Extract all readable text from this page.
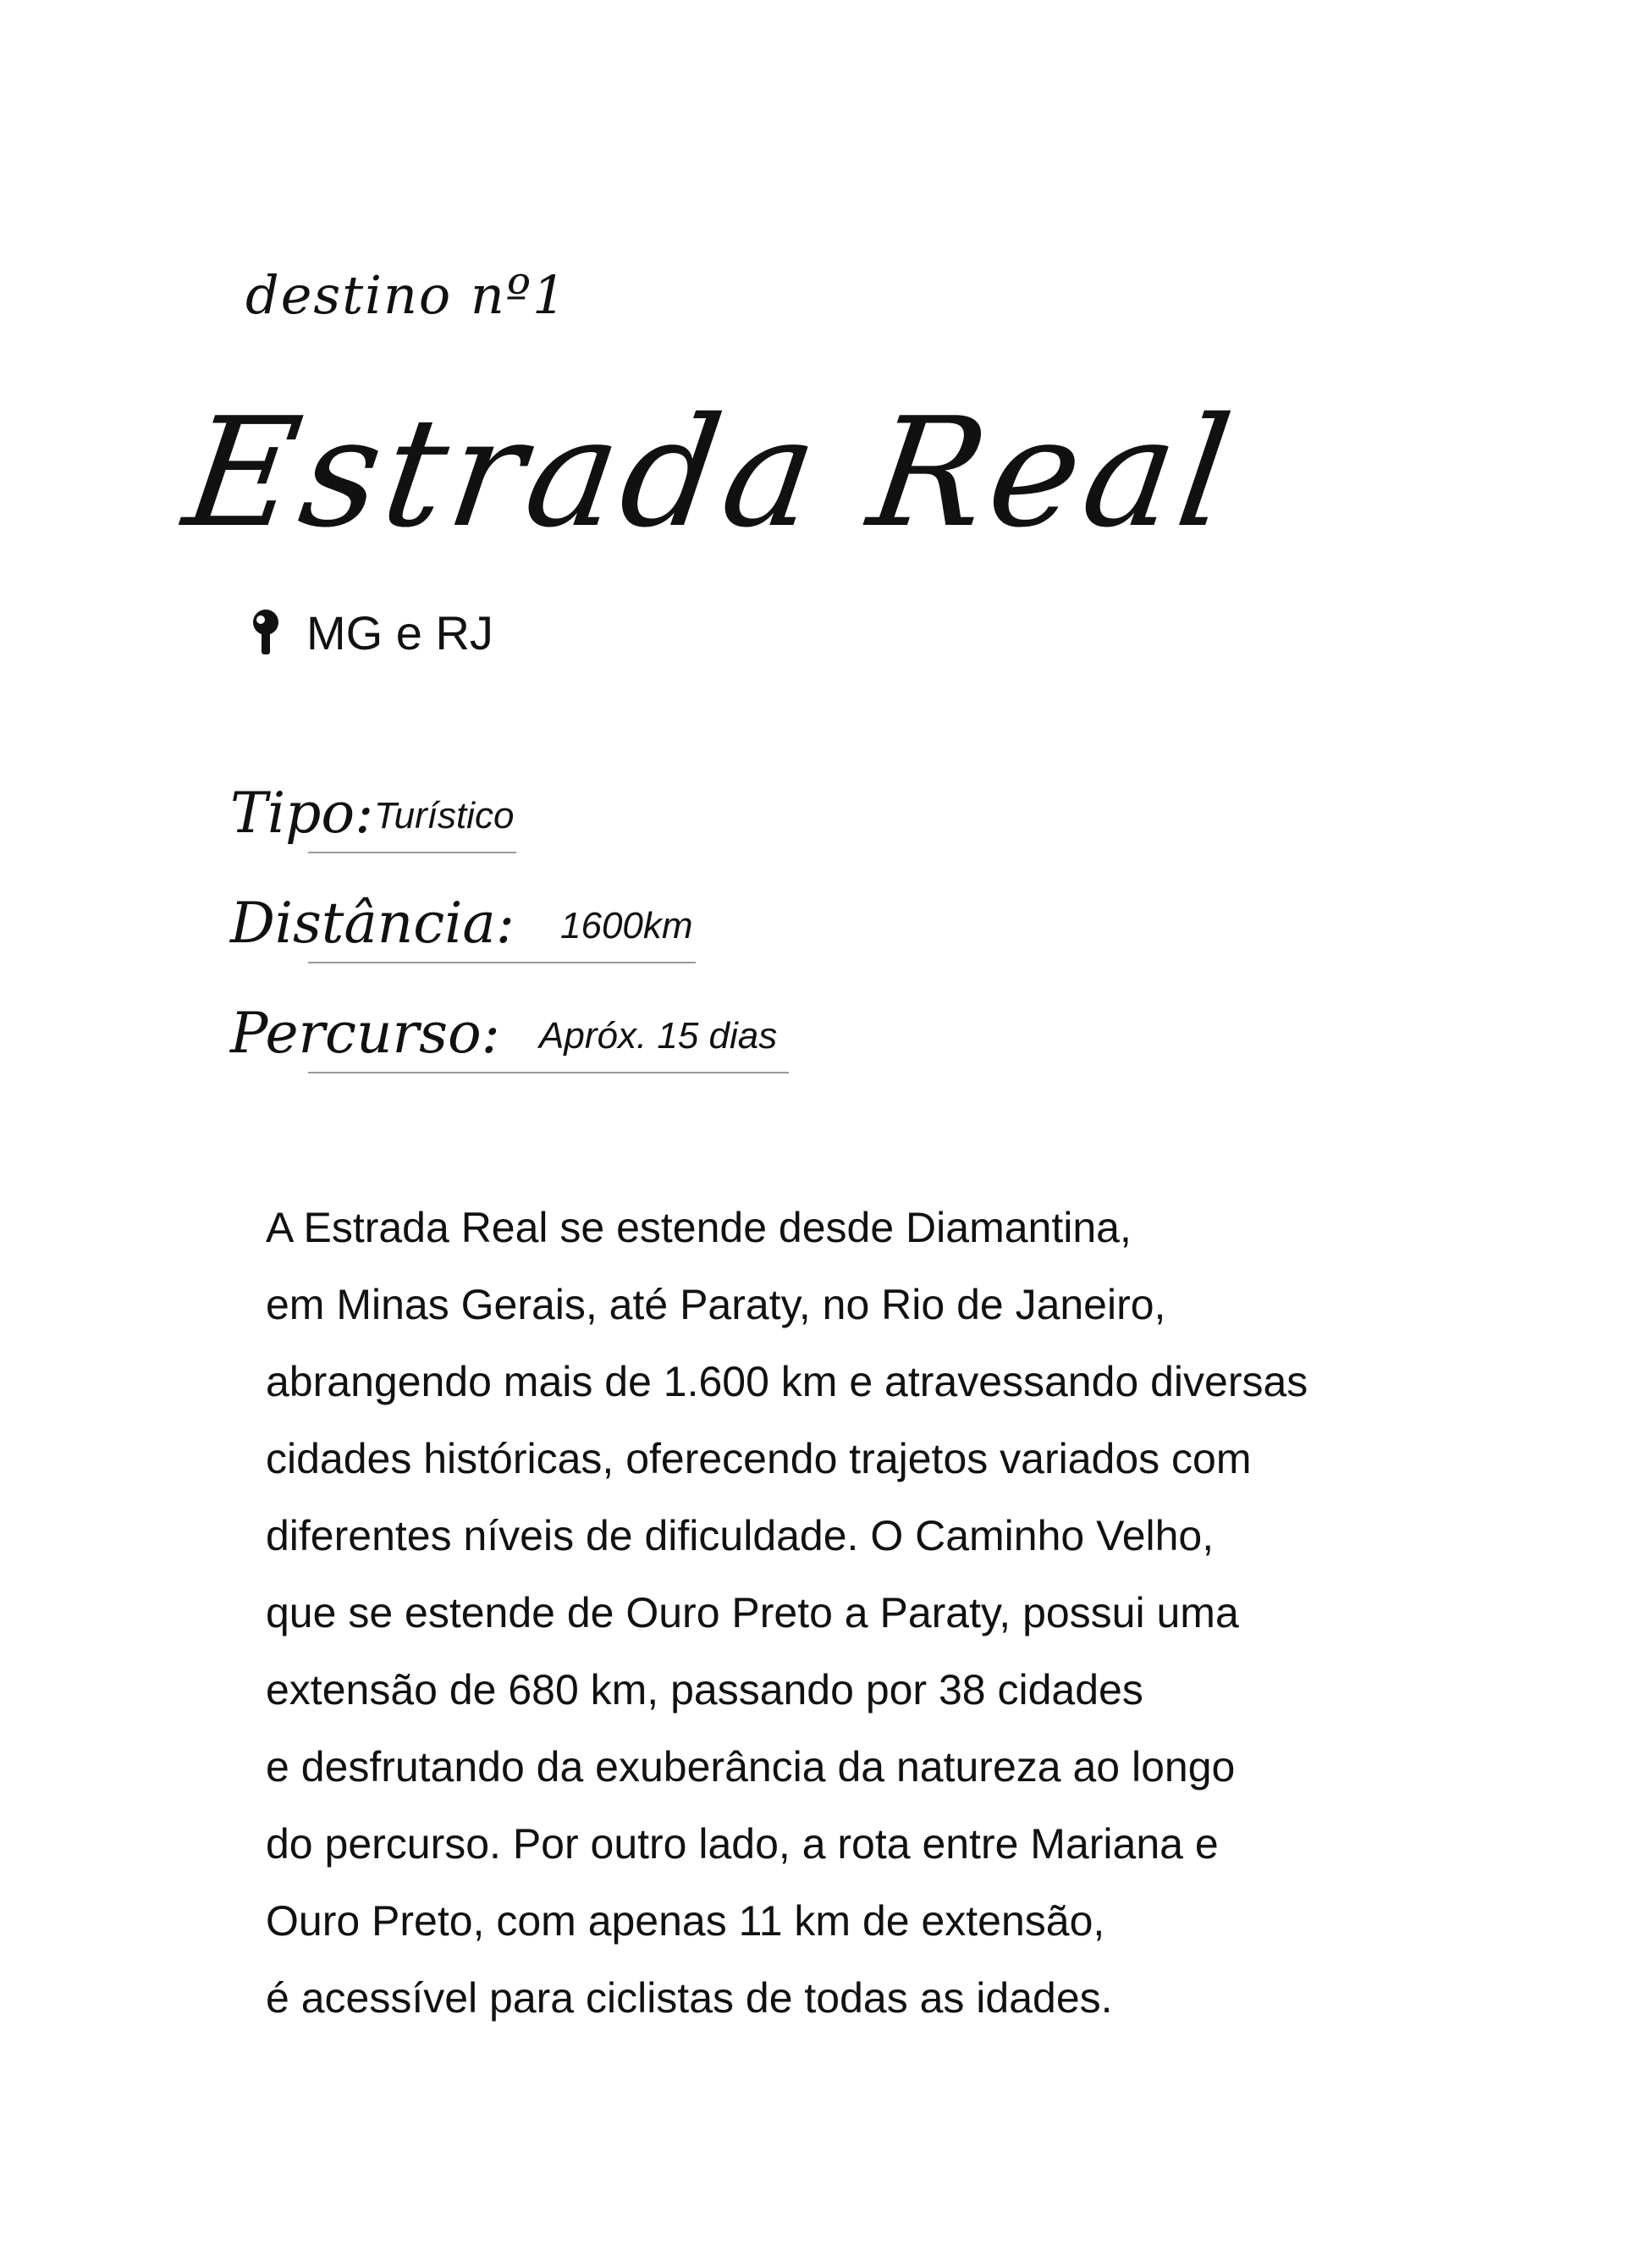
destino nº1
Estrada Real
MG e RJ
Tipo: Turístico
Distância: 1600km
Percurso: Apróx. 15 dias
A Estrada Real se estende desde Diamantina,
em Minas Gerais, até Paraty, no Rio de Janeiro,
abrangendo mais de 1.600 km e atravessando diversas
cidades históricas, oferecendo trajetos variados com
diferentes níveis de dificuldade. O Caminho Velho,
que se estende de Ouro Preto a Paraty, possui uma
extensão de 680 km, passando por 38 cidades
e desfrutando da exuberância da natureza ao longo
do percurso. Por outro lado, a rota entre Mariana e
Ouro Preto, com apenas 11 km de extensão,
é acessível para ciclistas de todas as idades.
